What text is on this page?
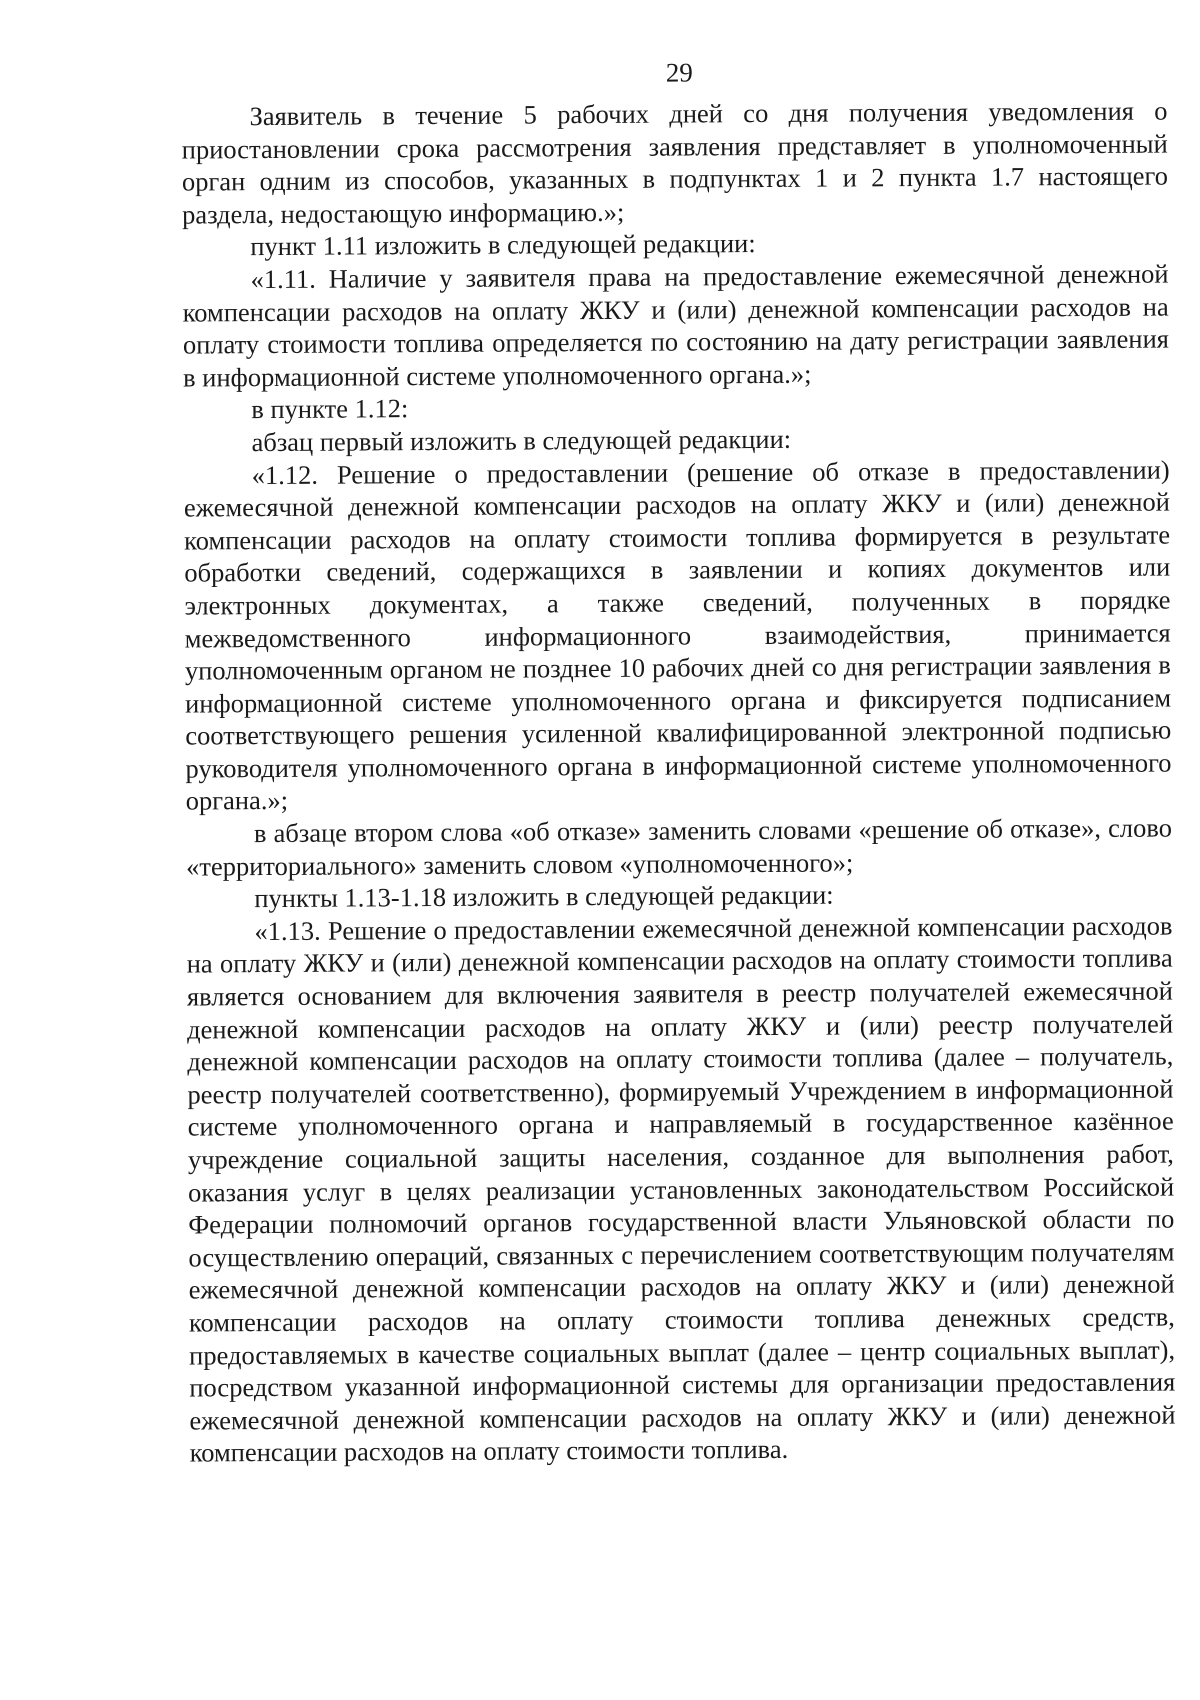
29

Заявитель в течение 5 рабочих дней со дня получения уведомления о приостановлении срока рассмотрения заявления представляет в уполномоченный орган одним из способов, указанных в подпунктах 1 и 2 пункта 1.7 настоящего раздела, недостающую информацию.»;

пункт 1.11 изложить в следующей редакции:

«1.11. Наличие у заявителя права на предоставление ежемесячной денежной компенсации расходов на оплату ЖКУ и (или) денежной компенсации расходов на оплату стоимости топлива определяется по состоянию на дату регистрации заявления в информационной системе уполномоченного органа.»;

в пункте 1.12:

абзац первый изложить в следующей редакции:

«1.12. Решение о предоставлении (решение об отказе в предоставлении) ежемесячной денежной компенсации расходов на оплату ЖКУ и (или) денежной компенсации расходов на оплату стоимости топлива формируется в результате обработки сведений, содержащихся в заявлении и копиях документов или электронных документах, а также сведений, полученных в порядке межведомственного информационного взаимодействия, принимается уполномоченным органом не позднее 10 рабочих дней со дня регистрации заявления в информационной системе уполномоченного органа и фиксируется подписанием соответствующего решения усиленной квалифицированной электронной подписью руководителя уполномоченного органа в информационной системе уполномоченного органа.»;

в абзаце втором слова «об отказе» заменить словами «решение об отказе», слово «территориального» заменить словом «уполномоченного»;

пункты 1.13-1.18 изложить в следующей редакции:

«1.13. Решение о предоставлении ежемесячной денежной компенсации расходов на оплату ЖКУ и (или) денежной компенсации расходов на оплату стоимости топлива является основанием для включения заявителя в реестр получателей ежемесячной денежной компенсации расходов на оплату ЖКУ и (или) реестр получателей денежной компенсации расходов на оплату стоимости топлива (далее – получатель, реестр получателей соответственно), формируемый Учреждением в информационной системе уполномоченного органа и направляемый в государственное казённое учреждение социальной защиты населения, созданное для выполнения работ, оказания услуг в целях реализации установленных законодательством Российской Федерации полномочий органов государственной власти Ульяновской области по осуществлению операций, связанных с перечислением соответствующим получателям ежемесячной денежной компенсации расходов на оплату ЖКУ и (или) денежной компенсации расходов на оплату стоимости топлива денежных средств, предоставляемых в качестве социальных выплат (далее – центр социальных выплат), посредством указанной информационной системы для организации предоставления ежемесячной денежной компенсации расходов на оплату ЖКУ и (или) денежной компенсации расходов на оплату стоимости топлива.
